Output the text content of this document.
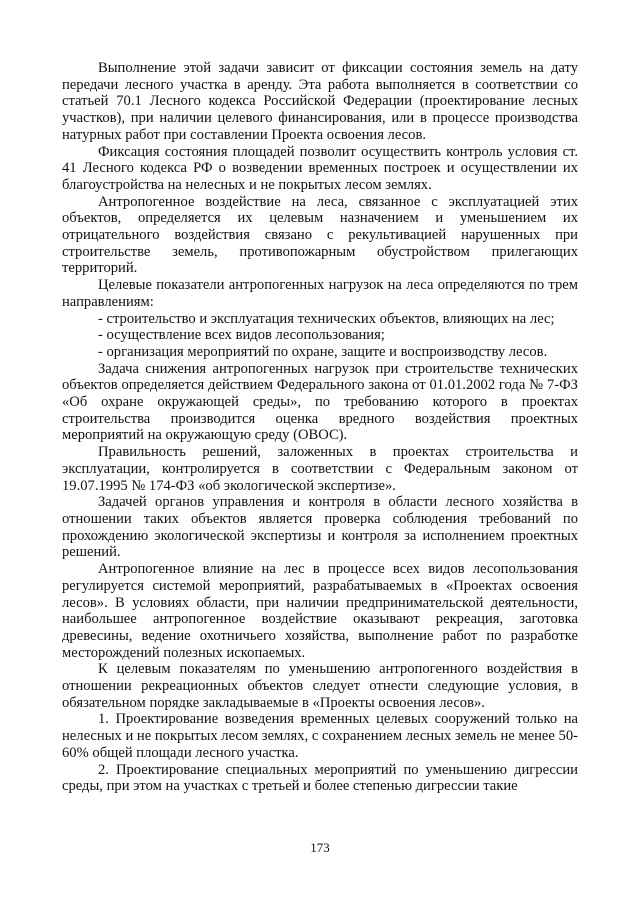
Выполнение этой задачи зависит от фиксации состояния земель на дату передачи лесного участка в аренду. Эта работа выполняется в соответствии со статьей 70.1 Лесного кодекса Российской Федерации (проектирование лесных участков), при наличии целевого финансирования, или в процессе производства натурных работ при составлении Проекта освоения лесов.

Фиксация состояния площадей позволит осуществить контроль условия ст. 41 Лесного кодекса РФ о возведении временных построек и осуществлении их благоустройства на нелесных и не покрытых лесом землях.

Антропогенное воздействие на леса, связанное с эксплуатацией этих объектов, определяется их целевым назначением и уменьшением их отрицательного воздействия связано с рекультивацией нарушенных при строительстве земель, противопожарным обустройством прилегающих территорий.

Целевые показатели антропогенных нагрузок на леса определяются по трем направлениям:

- строительство и эксплуатация технических объектов, влияющих на лес;

- осуществление всех видов лесопользования;

- организация мероприятий по охране, защите и воспроизводству лесов.

Задача снижения антропогенных нагрузок при строительстве технических объектов определяется действием Федерального закона от 01.01.2002 года № 7-ФЗ «Об охране окружающей среды», по требованию которого в проектах строительства производится оценка вредного воздействия проектных мероприятий на окружающую среду (ОВОС).

Правильность решений, заложенных в проектах строительства и эксплуатации, контролируется в соответствии с Федеральным законом от 19.07.1995 № 174-ФЗ «об экологической экспертизе».

Задачей органов управления и контроля в области лесного хозяйства в отношении таких объектов является проверка соблюдения требований по прохождению экологической экспертизы и контроля за исполнением проектных решений.

Антропогенное влияние на лес в процессе всех видов лесопользования регулируется системой мероприятий, разрабатываемых в «Проектах освоения лесов». В условиях области, при наличии предпринимательской деятельности, наибольшее антропогенное воздействие оказывают рекреация, заготовка древесины, ведение охотничьего хозяйства, выполнение работ по разработке месторождений полезных ископаемых.

К целевым показателям по уменьшению антропогенного воздействия в отношении рекреационных объектов следует отнести следующие условия, в обязательном порядке закладываемые в «Проекты освоения лесов».

1. Проектирование возведения временных целевых сооружений только на нелесных и не покрытых лесом землях, с сохранением лесных земель не менее 50-60% общей площади лесного участка.

2. Проектирование специальных мероприятий по уменьшению дигрессии среды, при этом на участках с третьей и более степенью дигрессии такие

173
